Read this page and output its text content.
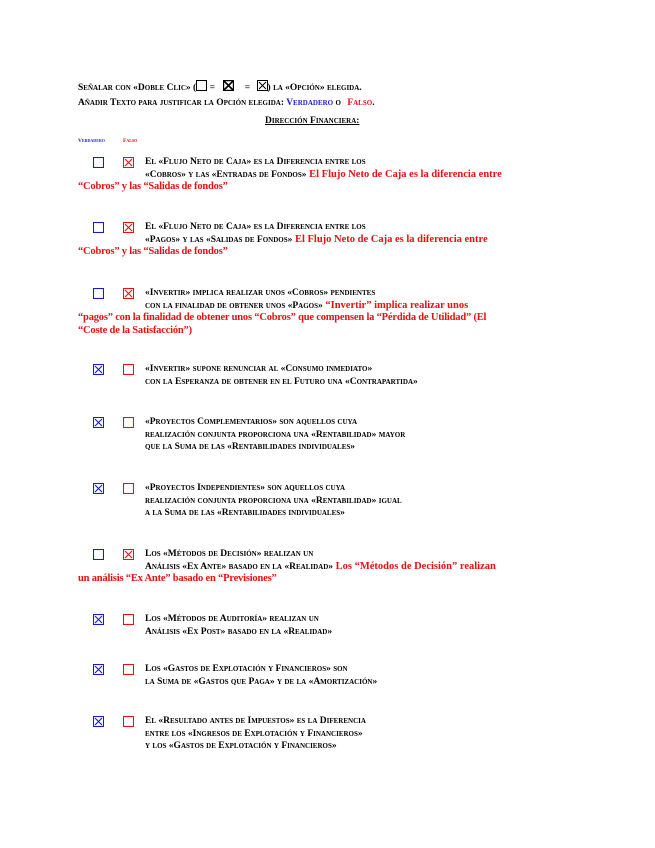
Señalar con «Doble Clic» ( =	= ) la «Opción» elegida.
Añadir Texto para justificar la Opción elegida: Verdadero o Falso.
Dirección Financiera:
Verdadero	Falso
El «Flujo Neto de Caja» es la Diferencia entre los
«Cobros» y las «Entradas de Fondos» El Flujo Neto de Caja es la diferencia entre
“Cobros” y las “Salidas de fondos”
El «Flujo Neto de Caja» es la Diferencia entre los
«Pagos» y las «Salidas de Fondos» El Flujo Neto de Caja es la diferencia entre
“Cobros” y las “Salidas de fondos”
«Invertir» implica realizar unos «Cobros» pendientes
con la finalidad de obtener unos «Pagos» “Invertir” implica realizar unos
“pagos” con la finalidad de obtener unos “Cobros” que compensen la “Pérdida de Utilidad” (El
“Coste de la Satisfacción”)
«Invertir» supone renunciar al «Consumo inmediato»
con la Esperanza de obtener en el Futuro una «Contrapartida»
«Proyectos Complementarios» son aquellos cuya
realización conjunta proporciona una «Rentabilidad» mayor
que la Suma de las «Rentabilidades individuales»
«Proyectos Independientes» son aquellos cuya
realización conjunta proporciona una «Rentabilidad» igual
a la Suma de las «Rentabilidades individuales»
Los «Métodos de Decisión» realizan un
Análisis «Ex Ante» basado en la «Realidad» Los “Métodos de Decisión” realizan
un análisis “Ex Ante” basado en “Previsiones”
Los «Métodos de Auditoría» realizan un
Análisis «Ex Post» basado en la «Realidad»
Los «Gastos de Explotación y Financieros» son
la Suma de «Gastos que Paga» y de la «Amortización»
El «Resultado antes de Impuestos» es la Diferencia
entre los «Ingresos de Explotación y Financieros»
y los «Gastos de Explotación y Financieros»
